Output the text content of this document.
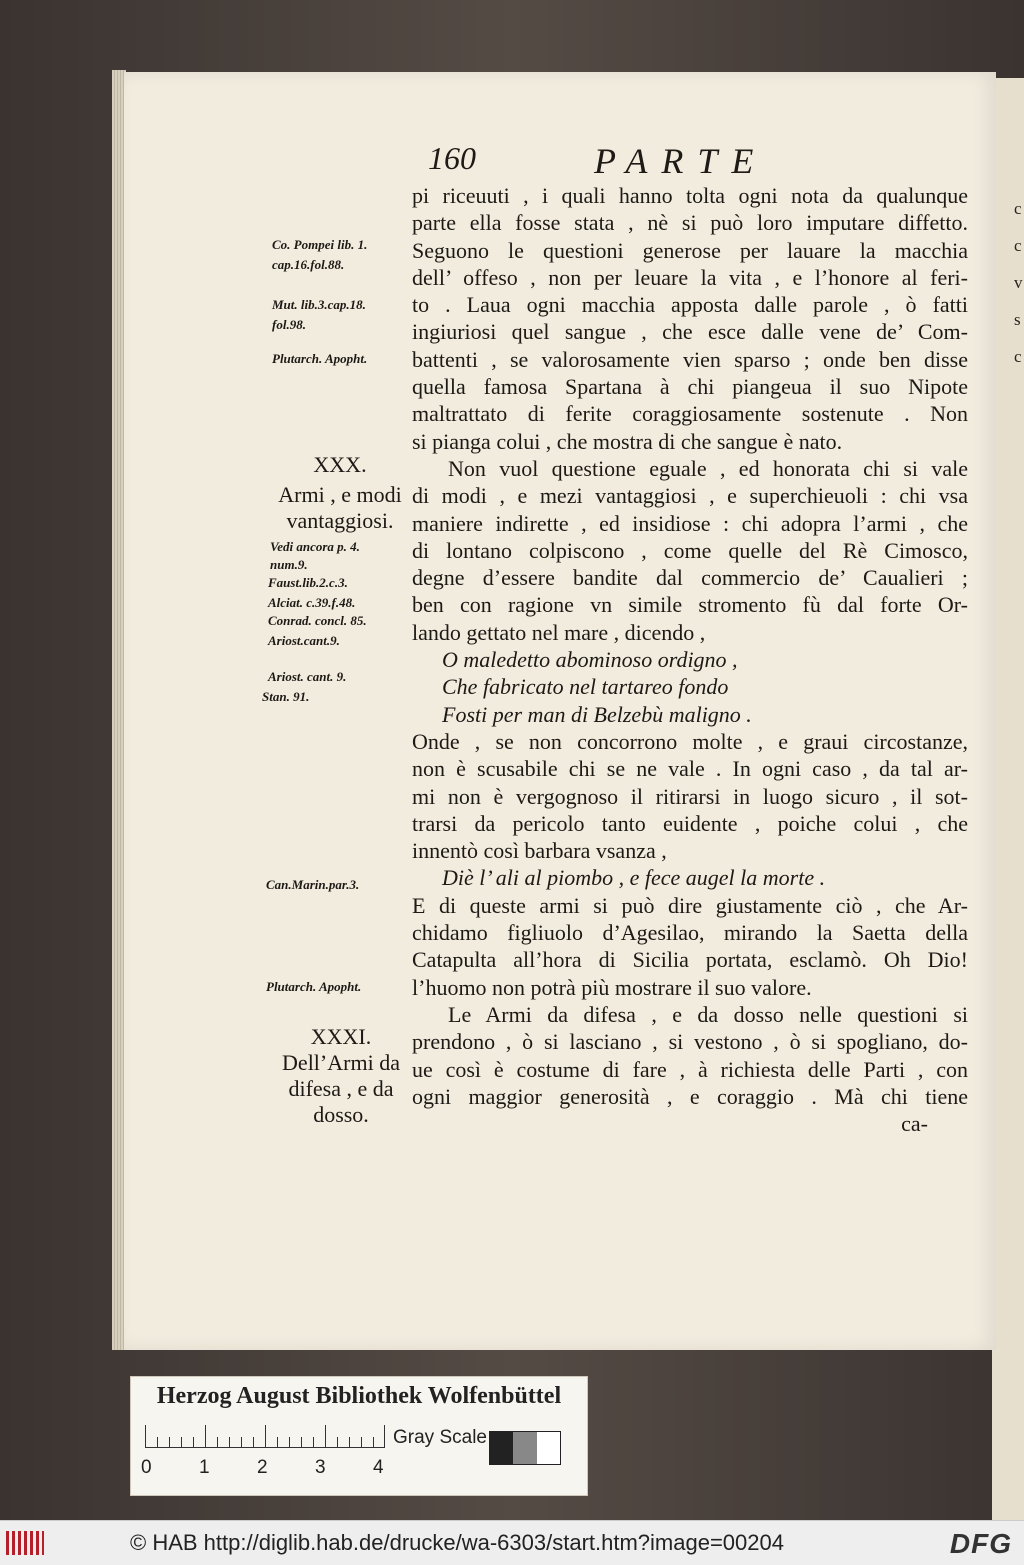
c c v s c
160	PARTE
pi riceuuti , i quali hanno tolta ogni nota da qualunque
parte ella fosse stata , nè si può loro imputare diffetto.
Seguono le questioni generose per lauare la macchia
dell’ offeso , non per leuare la vita , e l’honore al feri-
to . Laua ogni macchia apposta dalle parole , ò fatti
ingiuriosi quel sangue , che esce dalle vene de’ Com-
battenti , se valorosamente vien sparso ; onde ben disse
quella famosa Spartana à chi piangeua il suo Nipote
maltrattato di ferite coraggiosamente sostenute . Non
si pianga colui , che mostra di che sangue è nato.
Non vuol questione eguale , ed honorata chi si vale
di modi , e mezi vantaggiosi , e superchieuoli : chi vsa
maniere indirette , ed insidiose : chi adopra l’armi , che
di lontano colpiscono , come quelle del Rè Cimosco,
degne d’essere bandite dal commercio de’ Caualieri ;
ben con ragione vn simile stromento fù dal forte Or-
lando gettato nel mare , dicendo ,
O maledetto abominoso ordigno ,
Che fabricato nel tartareo fondo
Fosti per man di Belzebù maligno .
Onde , se non concorrono molte , e graui circostanze,
non è scusabile chi se ne vale . In ogni caso , da tal ar-
mi non è vergognoso il ritirarsi in luogo sicuro , il sot-
trarsi da pericolo tanto euidente , poiche colui , che
innentò così barbara vsanza ,
Diè l’ ali al piombo , e fece augel la morte .
E di queste armi si può dire giustamente ciò , che Ar-
chidamo figliuolo d’Agesilao, mirando la Saetta della
Catapulta all’hora di Sicilia portata, esclamò. Oh Dio!
l’huomo non potrà più mostrare il suo valore.
Le Armi da difesa , e da dosso nelle questioni si
prendono , ò si lasciano , si vestono , ò si spogliano, do-
ue così è costume di fare , à richiesta delle Parti , con
ogni maggior generosità , e coraggio . Mà chi tiene
ca-
Co. Pompei lib. 1.
cap.16.fol.88.
Mut. lib.3.cap.18.
fol.98.
Plutarch. Apopht.
XXX.
Armi , e modi
vantaggiosi.
Vedi ancora p. 4.
num.9.
Faust.lib.2.c.3.
Alciat. c.39.f.48.
Conrad. concl. 85.
Ariost.cant.9.
Ariost. cant. 9.
Stan. 91.
Can.Marin.par.3.
Plutarch. Apopht.
XXXI.
Dell’Armi da
difesa , e da
dosso.
Herzog August Bibliothek Wolfenbüttel
0 1 2 3 4
Gray Scale
© HAB http://diglib.hab.de/drucke/wa-6303/start.htm?image=00204	DFG
